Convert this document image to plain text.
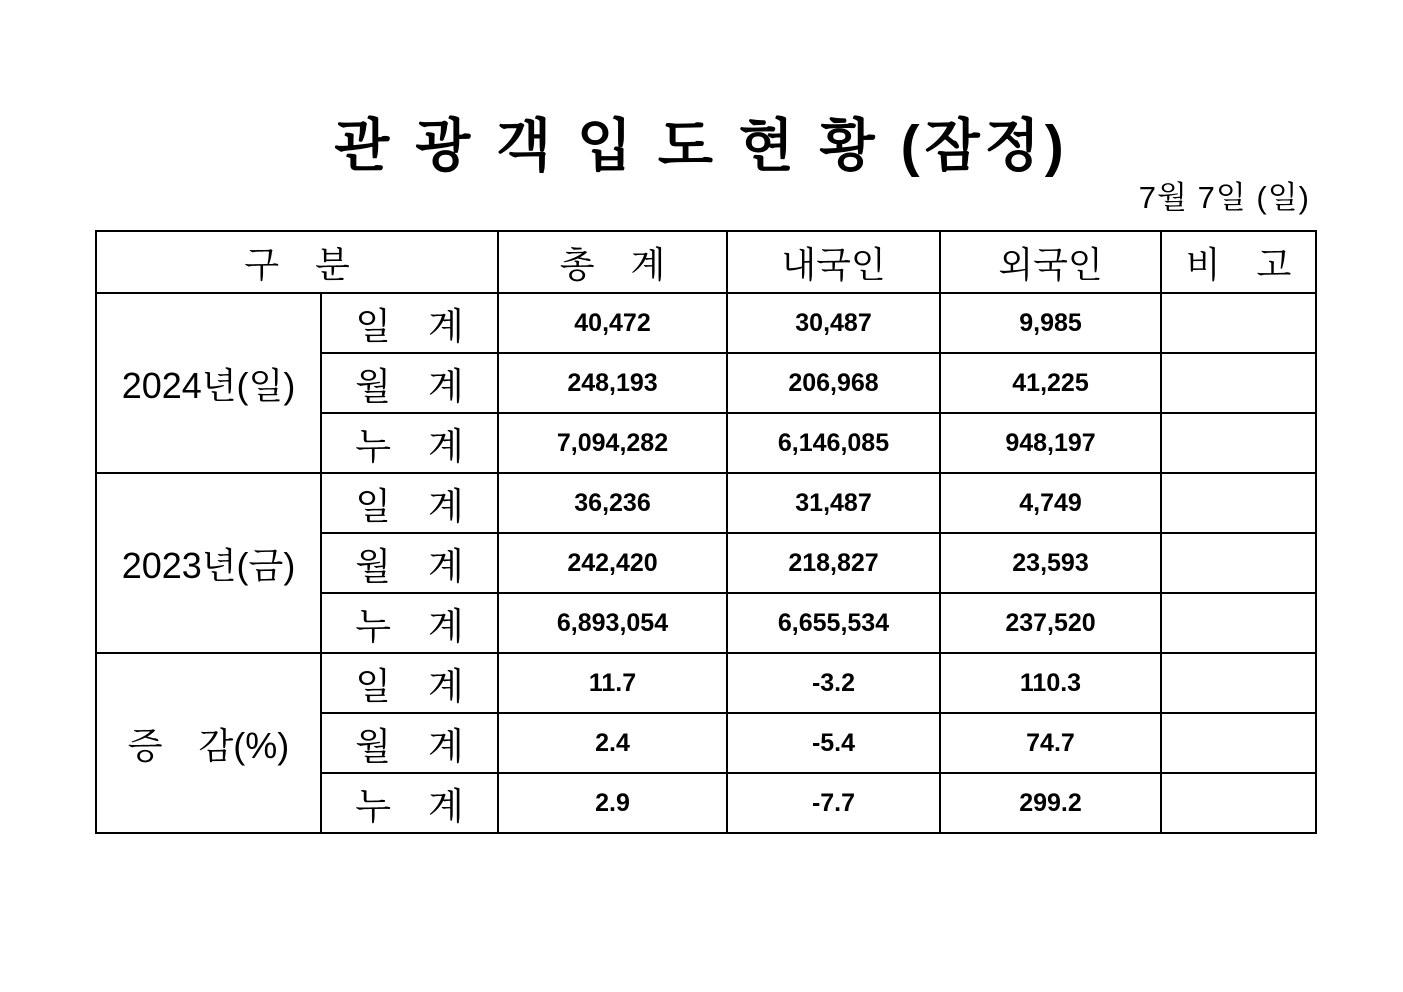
관 광 객 입 도 현 황 (잠정)
7월 7일 (일)
구　분		총　계	내국인	외국인	비　고
2024년(일)	일　계	40,472	30,487	9,985	
	월　계	248,193	206,968	41,225	
	누　계	7,094,282	6,146,085	948,197	
2023년(금)	일　계	36,236	31,487	4,749	
	월　계	242,420	218,827	23,593	
	누　계	6,893,054	6,655,534	237,520	
증　감(%)	일　계	11.7	-3.2	110.3	
	월　계	2.4	-5.4	74.7	
	누　계	2.9	-7.7	299.2	
